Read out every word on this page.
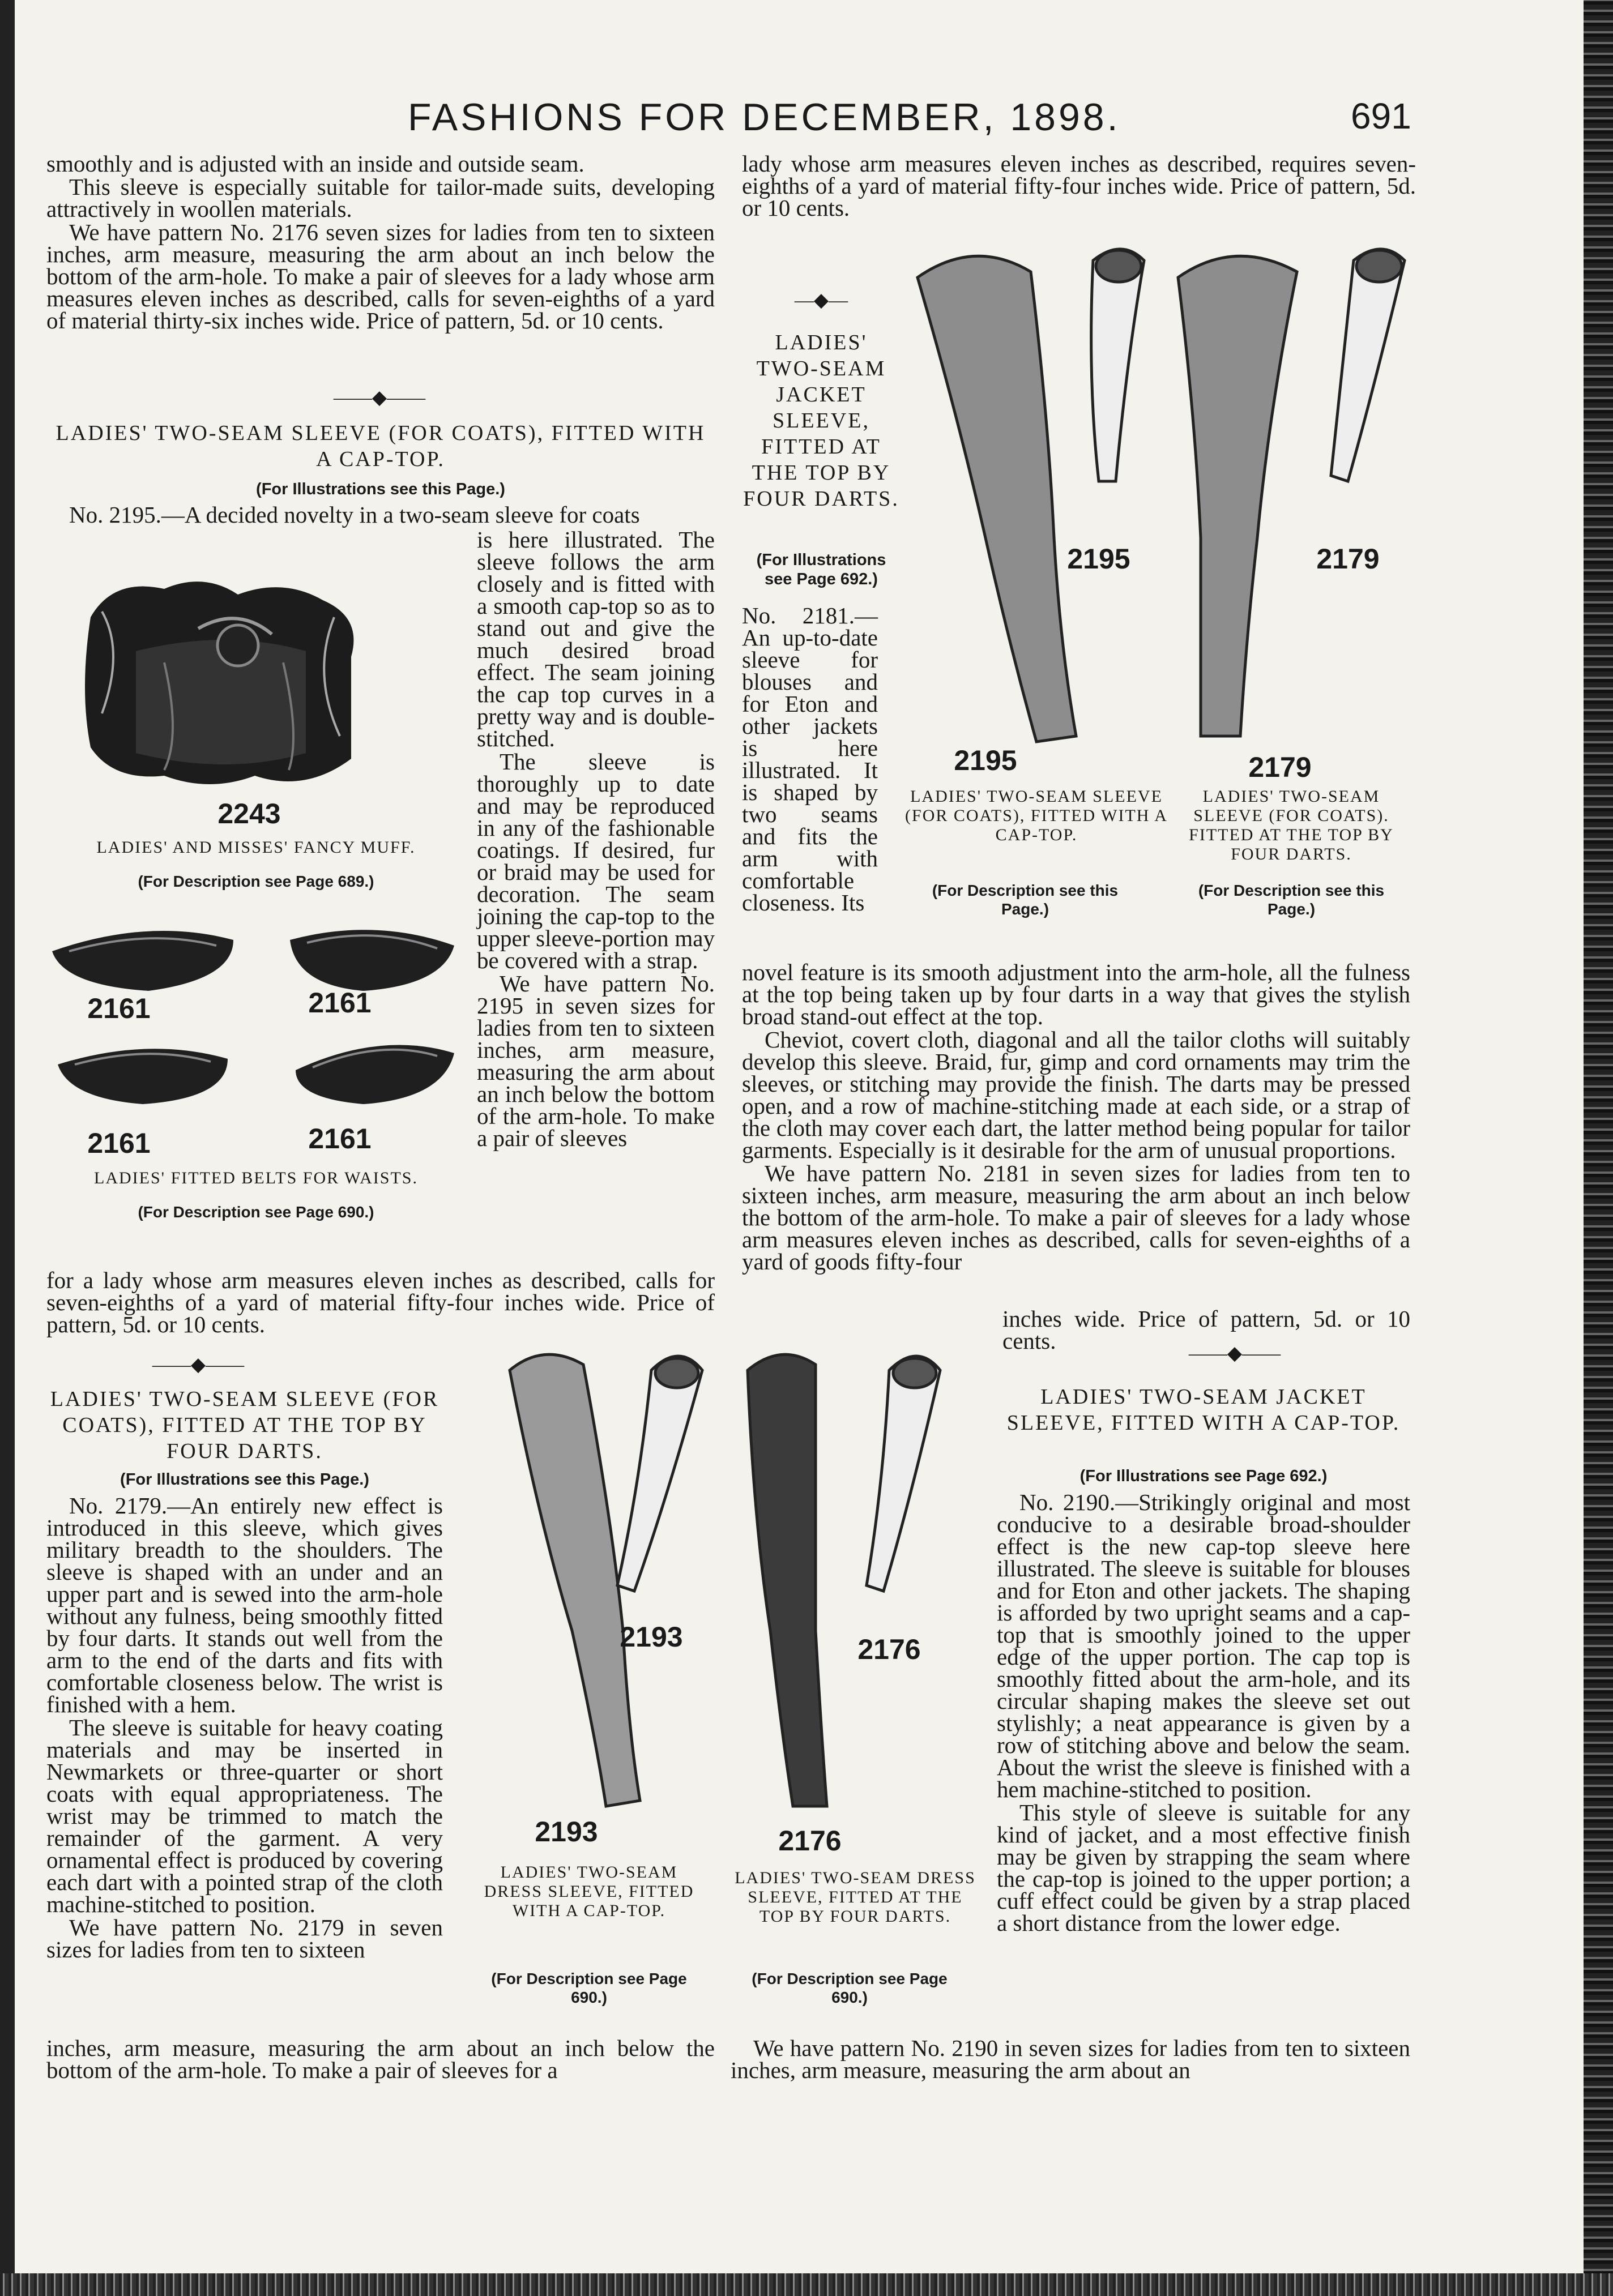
FASHIONS FOR DECEMBER, 1898.	691

smoothly and is adjusted with an inside and outside seam.

This sleeve is especially suitable for tailor-made suits, developing attractively in woollen materials.

We have pattern No. 2176 seven sizes for ladies from ten to sixteen inches, arm measure, measuring the arm about an inch below the bottom of the arm-hole. To make a pair of sleeves for a lady whose arm measures eleven inches as described, calls for seven-eighths of a yard of material thirty-six inches wide. Price of pattern, 5d. or 10 cents.

——◆——
LADIES' TWO-SEAM SLEEVE (FOR COATS), FITTED WITH A CAP-TOP.
(For Illustrations see this Page.)

No. 2195.—A decided novelty in a two-seam sleeve for coats

is here illustrated. The sleeve follows the arm closely and is fitted with a smooth cap-top so as to stand out and give the much desired broad effect. The seam joining the cap top curves in a pretty way and is double-stitched.

The sleeve is thoroughly up to date and may be reproduced in any of the fashionable coatings. If desired, fur or braid may be used for decoration. The seam joining the cap-top to the upper sleeve-portion may be covered with a strap.

We have pattern No. 2195 in seven sizes for ladies from ten to sixteen inches, arm measure, measuring the arm about an inch below the bottom of the arm-hole. To make a pair of sleeves

for a lady whose arm measures eleven inches as described, calls for seven-eighths of a yard of material fifty-four inches wide. Price of pattern, 5d. or 10 cents.

2243
LADIES' AND MISSES' FANCY MUFF.
(For Description see Page 689.)
2161	2161
2161	2161
LADIES' FITTED BELTS FOR WAISTS.
(For Description see Page 690.)
——◆——
LADIES' TWO-SEAM SLEEVE (FOR COATS), FITTED AT THE TOP BY FOUR DARTS.
(For Illustrations see this Page.)

No. 2179.—An entirely new effect is introduced in this sleeve, which gives military breadth to the shoulders. The sleeve is shaped with an under and an upper part and is sewed into the arm-hole without any fulness, being smoothly fitted by four darts. It stands out well from the arm to the end of the darts and fits with comfortable closeness below. The wrist is finished with a hem.

The sleeve is suitable for heavy coating materials and may be inserted in Newmarkets or three-quarter or short coats with equal appropriateness. The wrist may be trimmed to match the remainder of the garment. A very ornamental effect is produced by covering each dart with a pointed strap of the cloth machine-stitched to position.

We have pattern No. 2179 in seven sizes for ladies from ten to sixteen

inches, arm measure, measuring the arm about an inch below the bottom of the arm-hole. To make a pair of sleeves for a

lady whose arm measures eleven inches as described, requires seven-eighths of a yard of material fifty-four inches wide. Price of pattern, 5d. or 10 cents.

—◆—
LADIES' TWO-SEAM JACKET SLEEVE, FITTED AT THE TOP BY FOUR DARTS.
(For Illustrations see Page 692.)

No. 2181.—An up-to-date sleeve for blouses and for Eton and other jackets is here illustrated. It is shaped by two seams and fits the arm with comfortable closeness. Its

novel feature is its smooth adjustment into the arm-hole, all the fulness at the top being taken up by four darts in a way that gives the stylish broad stand-out effect at the top.

Cheviot, covert cloth, diagonal and all the tailor cloths will suitably develop this sleeve. Braid, fur, gimp and cord ornaments may trim the sleeves, or stitching may provide the finish. The darts may be pressed open, and a row of machine-stitching made at each side, or a strap of the cloth may cover each dart, the latter method being popular for tailor garments. Especially is it desirable for the arm of unusual proportions.

We have pattern No. 2181 in seven sizes for ladies from ten to sixteen inches, arm measure, measuring the arm about an inch below the bottom of the arm-hole. To make a pair of sleeves for a lady whose arm measures eleven inches as described, calls for seven-eighths of a yard of goods fifty-four

inches wide. Price of pattern, 5d. or 10 cents.

2195	2179
2195	2179
LADIES' TWO-SEAM SLEEVE (FOR COATS), FITTED WITH A CAP-TOP.
LADIES' TWO-SEAM SLEEVE (FOR COATS). FITTED AT THE TOP BY FOUR DARTS.
(For Description see this Page.)
(For Description see this Page.)
2193	2176
2193	2176
LADIES' TWO-SEAM DRESS SLEEVE, FITTED WITH A CAP-TOP.
LADIES' TWO-SEAM DRESS SLEEVE, FITTED AT THE TOP BY FOUR DARTS.
(For Description see Page 690.)
(For Description see Page 690.)
——◆——
LADIES' TWO-SEAM JACKET SLEEVE, FITTED WITH A CAP-TOP.
(For Illustrations see Page 692.)

No. 2190.—Strikingly original and most conducive to a desirable broad-shoulder effect is the new cap-top sleeve here illustrated. The sleeve is suitable for blouses and for Eton and other jackets. The shaping is afforded by two upright seams and a cap-top that is smoothly joined to the upper edge of the upper portion. The cap top is smoothly fitted about the arm-hole, and its circular shaping makes the sleeve set out stylishly; a neat appearance is given by a row of stitching above and below the seam. About the wrist the sleeve is finished with a hem machine-stitched to position.

This style of sleeve is suitable for any kind of jacket, and a most effective finish may be given by strapping the seam where the cap-top is joined to the upper portion; a cuff effect could be given by a strap placed a short distance from the lower edge.

We have pattern No. 2190 in seven sizes for ladies from ten to sixteen inches, arm measure, measuring the arm about an
